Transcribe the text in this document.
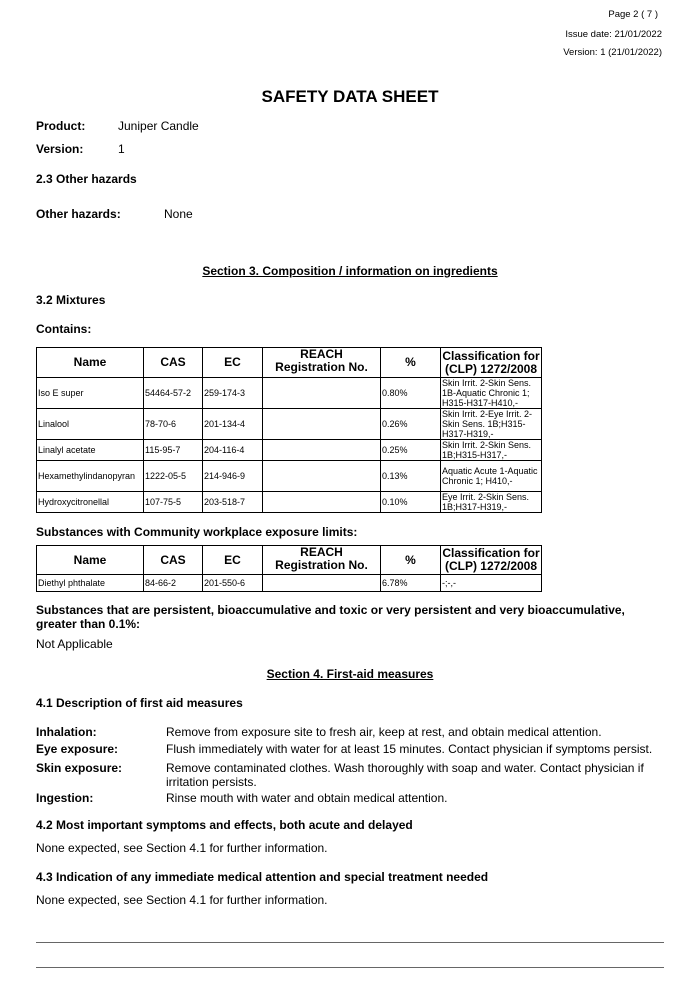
Page 2 ( 7 )
Issue date: 21/01/2022
Version: 1 (21/01/2022)
SAFETY DATA SHEET
Product:	Juniper Candle
Version:	1
2.3 Other hazards
Other hazards:	None
Section 3. Composition / information on ingredients
3.2 Mixtures
Contains:
Name	CAS	EC	REACH Registration No.	%	Classification for (CLP) 1272/2008
Iso E super	54464-57-2	259-174-3		0.80%	Skin Irrit. 2-Skin Sens. 1B-Aquatic Chronic 1; H315-H317-H410,-
Linalool	78-70-6	201-134-4		0.26%	Skin Irrit. 2-Eye Irrit. 2-Skin Sens. 1B;H315-H317-H319,-
Linalyl acetate	115-95-7	204-116-4		0.25%	Skin Irrit. 2-Skin Sens. 1B;H315-H317,-
Hexamethylindanopyran	1222-05-5	214-946-9		0.13%	Aquatic Acute 1-Aquatic Chronic 1; H410,-
Hydroxycitronellal	107-75-5	203-518-7		0.10%	Eye Irrit. 2-Skin Sens. 1B;H317-H319,-
Substances with Community workplace exposure limits:
Name	CAS	EC	REACH Registration No.	%	Classification for (CLP) 1272/2008
Diethyl phthalate	84-66-2	201-550-6		6.78%	-;-,-
Substances that are persistent, bioaccumulative and toxic or very persistent and very bioaccumulative, greater than 0.1%:
Not Applicable
Section 4. First-aid measures
4.1 Description of first aid measures
Inhalation:	Remove from exposure site to fresh air, keep at rest, and obtain medical attention.
Eye exposure:	Flush immediately with water for at least 15 minutes. Contact physician if symptoms persist.
Skin exposure:	Remove contaminated clothes. Wash thoroughly with soap and water. Contact physician if irritation persists.
Ingestion:	Rinse mouth with water and obtain medical attention.
4.2 Most important symptoms and effects, both acute and delayed
None expected, see Section 4.1 for further information.
4.3 Indication of any immediate medical attention and special treatment needed
None expected, see Section 4.1 for further information.
